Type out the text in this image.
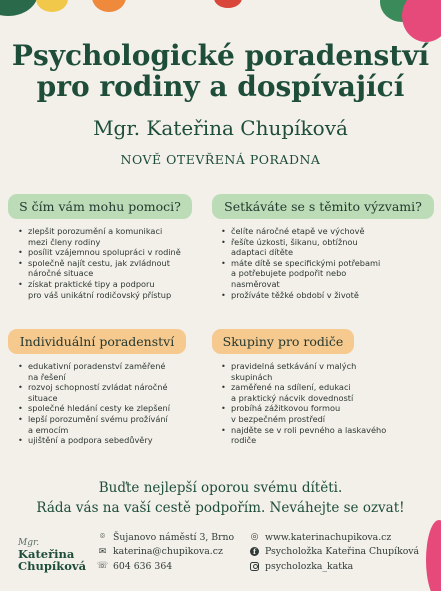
Psychologické poradenství
pro rodiny a dospívající
Mgr. Kateřina Chupíková
NOVĚ OTEVŘENÁ PORADNA
S čím vám mohu pomoci?
• zlepšit porozumění a komunikaci
mezi členy rodiny
• posílit vzájemnou spolupráci v rodině
• společně najít cestu, jak zvládnout
náročné situace
• získat praktické tipy a podporu
pro váš unikátní rodičovský přístup
Setkáváte se s těmito výzvami?
• čelíte náročné etapě ve výchově
• řešíte úzkosti, šikanu, obtížnou
adaptaci dítěte
• máte dítě se specifickými potřebami
a potřebujete podpořit nebo
nasměrovat
• prožíváte těžké období v životě
Individuální poradenství
• edukativní poradenství zaměřené
na řešení
• rozvoj schopností zvládat náročné
situace
• společné hledání cesty ke zlepšení
• lepší porozumění svému prožívání
a emocím
• ujištění a podpora sebedůvěry
Skupiny pro rodiče
• pravidelná setkávání v malých
skupinách
• zaměřené na sdílení, edukaci
a praktický nácvik dovedností
• probíhá zážitkovou formou
v bezpečném prostředí
• najděte se v roli pevného a laskavého
rodiče
Buďte nejlepší oporou svému dítěti.
Ráda vás na vaší cestě podpořím. Neváhejte se ozvat!
Mgr.
Kateřina
Chupíková
⌾ Šujanovo náměstí 3, Brno
✉ katerina@chupikova.cz
☏ 604 636 364
◎ www.katerinachupikova.cz
f Psycholožka Kateřina Chupíková
psycholozka_katka
